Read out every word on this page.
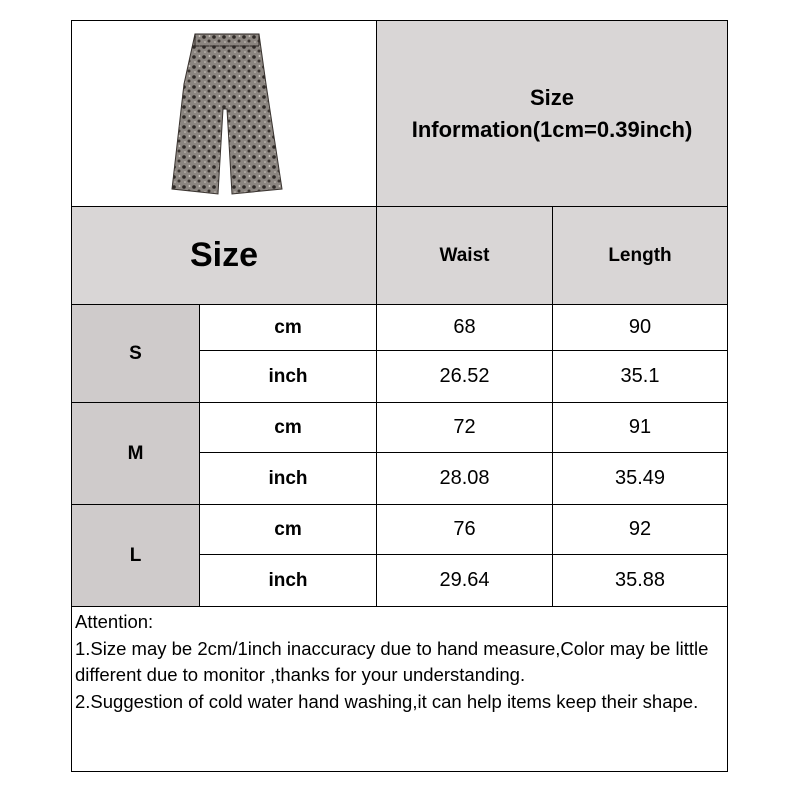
Size
Information(1cm=0.39inch)
Size	Waist	Length
S
cm	68	90
inch	26.52	35.1
M
cm	72	91
inch	28.08	35.49
L
cm	76	92
inch	29.64	35.88
Attention:
1.Size may be 2cm/1inch inaccuracy due to hand measure,Color may be little different due to monitor ,thanks for your understanding.
2.Suggestion of cold water hand washing,it can help items keep their shape.
